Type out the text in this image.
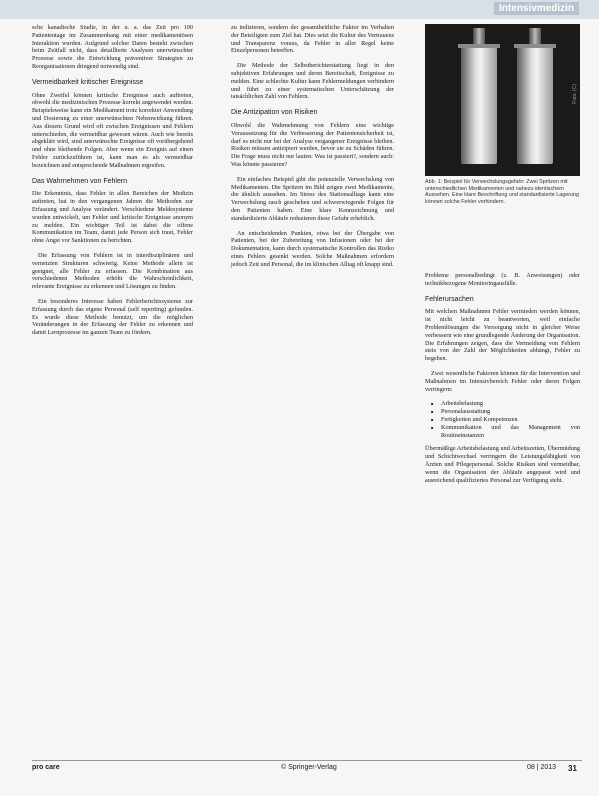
Intensivmedizin

sche kanadische Studie, in der u. a. das Zeit pro 100 Patiententage im Zusammenhang mit einer medikamentösen Interaktion wurden. Aufgrund solcher Daten besteht zwischen beim Zeitfall nicht, dass detaillierte Analysen unerwünschter Prozesse sowie die Entwicklung präventiver Strategien zu Reorganisationen dringend notwendig sind.

Vermeidbarkeit kritischer Ereignisse

Ohne Zweifel können kritische Ereignisse auch auftreten, obwohl die medizinischen Prozesse korrekt angewendet werden. Beispielsweise kann ein Medikament trotz korrekter Anwendung und Dosierung zu einer unerwünschten Nebenwirkung führen. Aus diesem Grund wird oft zwischen Ereignissen und Fehlern unterschieden, die vermeidbar gewesen wären. Auch wie bereits abgeklärt wird, sind unerwünschte Ereignisse oft vorübergehend und ohne bleibende Folgen. Aber wenn ein Ereignis auf einen Fehler zurückzuführen ist, kann man es als vermeidbar bezeichnen und entsprechende Maßnahmen ergreifen.

Das Wahrnehmen von Fehlern

Die Erkenntnis, dass Fehler in allen Bereichen der Medizin auftreten, hat in den vergangenen Jahren die Methoden zur Erfassung und Analyse verändert. Verschiedene Meldesysteme wurden entwickelt, um Fehler und kritische Ereignisse anonym zu melden. Ein wichtiger Teil ist dabei die offene Kommunikation im Team, damit jede Person sich traut, Fehler ohne Angst vor Sanktionen zu berichten.

Die Erfassung von Fehlern ist in interdisziplinären und vernetzten Strukturen schwierig. Keine Methode allein ist geeignet, alle Fehler zu erfassen. Die Kombination aus verschiedenen Methoden erhöht die Wahrscheinlichkeit, relevante Ereignisse zu erkennen und Lösungen zu finden.

Ein besonderes Interesse haben Fehlerberichtssysteme zur Erfassung durch das eigene Personal (self reporting) gefunden. Es wurde diese Methode benutzt, um die möglichen Veränderungen in der Erfassung der Fehler zu erkennen und damit Lernprozesse im ganzen Team zu fördern.

zu indizieren, sondern der gesamtheitliche Faktor im Verhalten der Beteiligten zum Ziel hat. Dies setzt die Kultur des Vertrauens und Transparenz voraus, da Fehler in aller Regel keine Einzelpersonen betreffen.

Die Methode der Selbstberichterstattung liegt in den subjektiven Erfahrungen und deren Bereitschaft, Ereignisse zu melden. Eine schlechte Kultur kann Fehlermeldungen verhindern und führt zu einer systematischen Unterschätzung der tatsächlichen Zahl von Fehlern.

Die Antizipation von Risiken

Obwohl die Wahrnehmung von Fehlern eine wichtige Voraussetzung für die Verbesserung der Patientensicherheit ist, darf es nicht nur bei der Analyse vergangener Ereignisse bleiben. Risiken müssen antizipiert werden, bevor sie zu Schäden führen. Die Frage muss nicht nur lauten: Was ist passiert?, sondern auch: Was könnte passieren?

Ein einfaches Beispiel gibt die potenzielle Verwechslung von Medikamenten. Die Spritzen im Bild zeigen zwei Medikamente, die ähnlich aussehen. Im Stress des Stationsalltags kann eine Verwechslung rasch geschehen und schwerwiegende Folgen für den Patienten haben. Eine klare Kennzeichnung und standardisierte Abläufe reduzieren diese Gefahr erheblich.

An entscheidenden Punkten, etwa bei der Übergabe von Patienten, bei der Zubereitung von Infusionen oder bei der Dokumentation, kann durch systematische Kontrollen das Risiko eines Fehlers gesenkt werden. Solche Maßnahmen erfordern jedoch Zeit und Personal, die im klinischen Alltag oft knapp sind.

Foto: (C)
Abb. 1: Beispiel für Verwechslungsgefahr: Zwei Spritzen mit unterschiedlichen Medikamenten und nahezu identischem Aussehen. Eine klare Beschriftung und standardisierte Lagerung können solche Fehler verhindern.

Probleme personalbedingt (z. B. Anweisungen) oder technikbezogene Monitoringausfälle.

Fehlerursachen

Mit welchen Maßnahmen Fehler vermieden werden können, ist nicht leicht zu beantworten, weil einfache Problemlösungen die Versorgung nicht in gleicher Weise verbessern wie eine grundlegende Änderung der Organisation. Die Erfahrungen zeigen, dass die Vermeidung von Fehlern stets von der Zahl der Möglichkeiten abhängt, Fehler zu begehen.

Zwei wesentliche Faktoren können für die Intervention und Maßnahmen im Intensivbereich Fehler oder deren Folgen verringern:

■ Arbeitsbelastung
■ Personalausstattung
■ Fertigkeiten und Kompetenzen
■ Kommunikation und das Management von Routineinstanzen

Übermäßige Arbeitsbelastung und Arbeitszeiten, Übermüdung und Schichtwechsel verringern die Leistungsfähigkeit von Ärzten und Pflegepersonal. Solche Risiken sind vermeidbar, wenn die Organisation der Abläufe angepasst wird und ausreichend qualifiziertes Personal zur Verfügung steht.

pro care	© Springer-Verlag	08 | 2013 31
